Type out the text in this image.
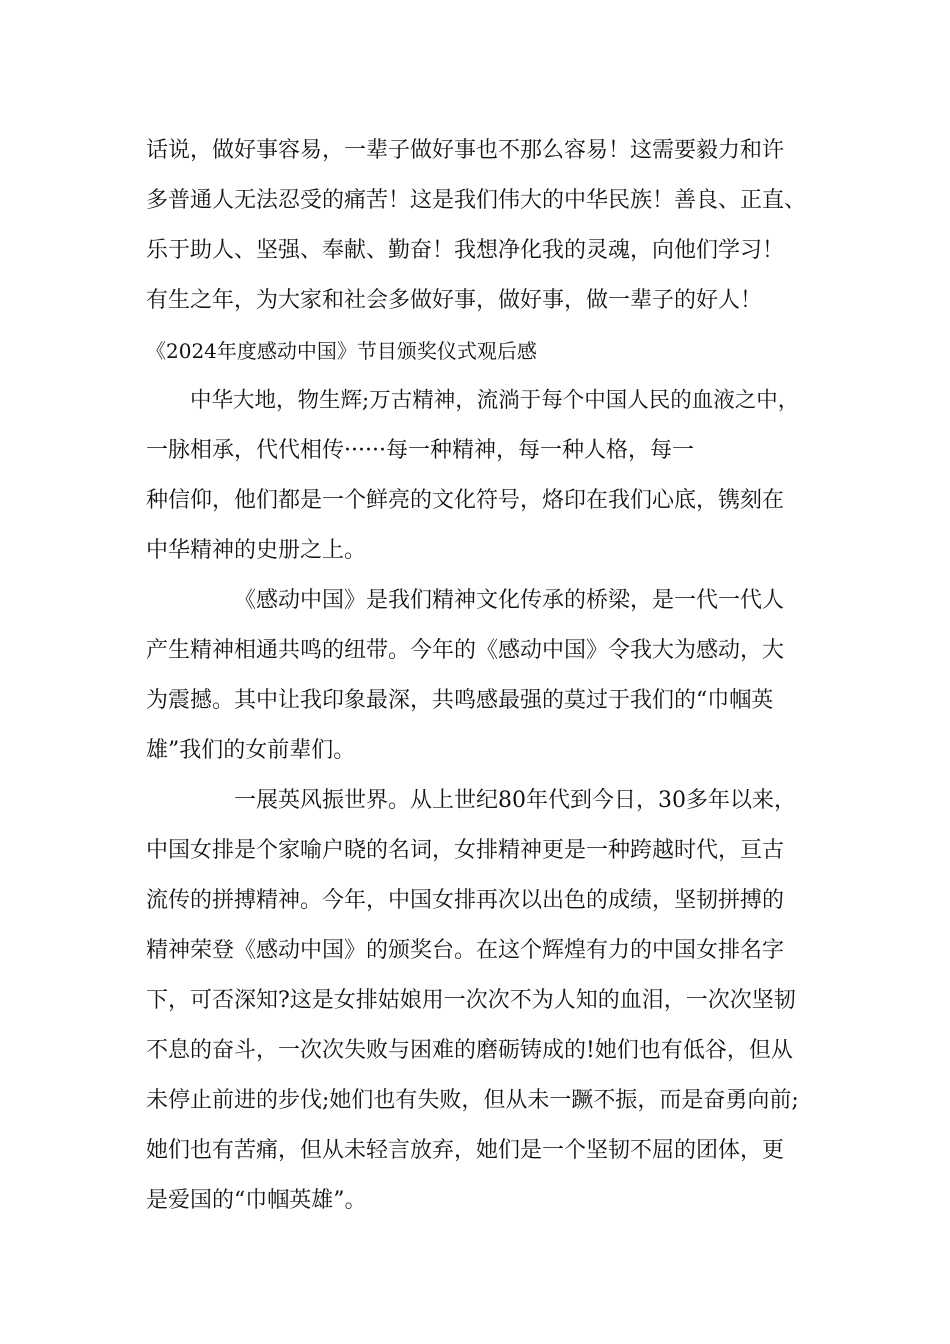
话说，做好事容易，一辈子做好事也不那么容易！这需要毅力和许
多普通人无法忍受的痛苦！这是我们伟大的中华民族！善良、正直、
乐于助人、坚强、奉献、勤奋！我想净化我的灵魂，向他们学习！
有生之年，为大家和社会多做好事，做好事，做一辈子的好人！
《2024年度感动中国》节目颁奖仪式观后感
中华大地，物生辉;万古精神，流淌于每个中国人民的血液之中，
一脉相承，代代相传······每一种精神，每一种人格，每一
种信仰，他们都是一个鲜亮的文化符号，烙印在我们心底，镌刻在
中华精神的史册之上。
《感动中国》是我们精神文化传承的桥梁，是一代一代人
产生精神相通共鸣的纽带。今年的《感动中国》令我大为感动，大
为震撼。其中让我印象最深，共鸣感最强的莫过于我们的“巾帼英
雄”我们的女前辈们。
一展英风振世界。从上世纪80年代到今日，30多年以来，
中国女排是个家喻户晓的名词，女排精神更是一种跨越时代，亘古
流传的拼搏精神。今年，中国女排再次以出色的成绩，坚韧拼搏的
精神荣登《感动中国》的颁奖台。在这个辉煌有力的中国女排名字
下，可否深知?这是女排姑娘用一次次不为人知的血泪，一次次坚韧
不息的奋斗，一次次失败与困难的磨砺铸成的!她们也有低谷，但从
未停止前进的步伐;她们也有失败，但从未一蹶不振，而是奋勇向前;
她们也有苦痛，但从未轻言放弃，她们是一个坚韧不屈的团体，更
是爱国的“巾帼英雄”。
